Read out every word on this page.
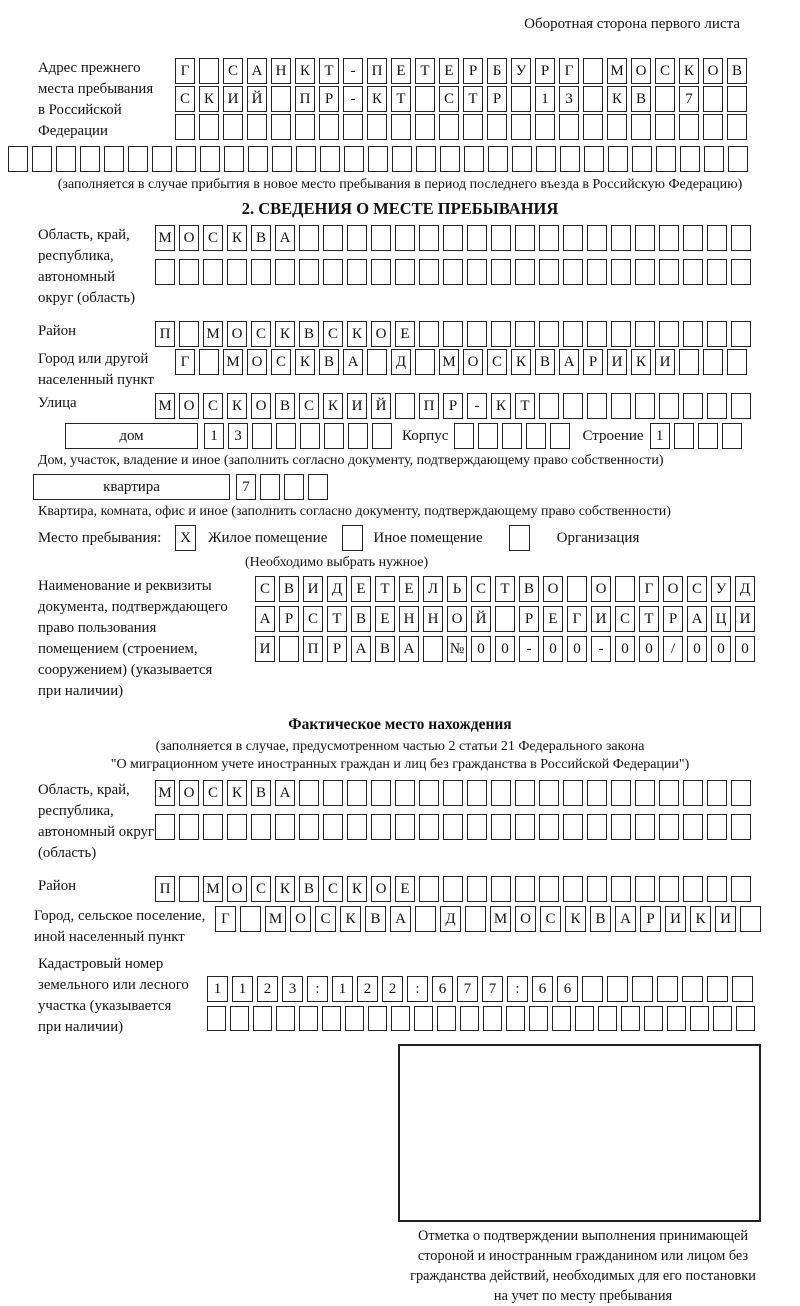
Оборотная сторона первого листа
Адрес прежнего
места пребывания
в Российской
Федерации
Г	С А Н К Т	-	П Е Т Е	Р	Б У Р	Г	М О С К О В
С К И Й	П Р	-	К Т	С Т	Р	1	3	К В	7
(заполняется в случае прибытия в новое место пребывания в период последнего въезда в Российскую Федерацию)
2. СВЕДЕНИЯ О МЕСТЕ ПРЕБЫВАНИЯ
Область, край,
республика,
автономный
округ (область)
М О С К В А
Район	П	М О С К В С К О Е
Город или другой
населенный пункт
Г	М О С К В А	Д	М О С К В А Р И К И
Улица	М О С К О В С К И Й	П Р	-	К Т
дом	1	3	Корпус	Строение 1
Дом, участок, владение и иное (заполнить согласно документу, подтверждающему право собственности)
квартира	7
Квартира, комната, офис и иное (заполнить согласно документу, подтверждающему право собственности)
Место пребывания:	X	Жилое помещение	Иное помещение	Организация
(Необходимо выбрать нужное)
Наименование и реквизиты
документа, подтверждающего
право пользования
помещением (строением,
сооружением) (указывается
при наличии)
С В И Д Е Т Е Л Ь С Т В О	О	Г О С У Д
А Р С Т В Е Н Н О Й	Р	Е	Г И С Т	Р А Ц И
И	П Р А В А	№ 0	0	-	0	0	-	0	0	/	0	0	0
Фактическое место нахождения
(заполняется в случае, предусмотренном частью 2 статьи 21 Федерального закона
"О миграционном учете иностранных граждан и лиц без гражданства в Российской Федерации")
Область, край,
республика,
автономный округ
(область)
М О С К В А
Район	П	М О С К В С К О Е
Город, сельское поселение,
иной населенный пункт
Г	М О С К В А	Д	М О С К В А	Р	И К И
Кадастровый номер
земельного или лесного
участка (указывается
при наличии)
1	1	2	3	:	1	2	2	:	6	7	7	:	6	6
Отметка о подтверждении выполнения принимающей
стороной и иностранным гражданином или лицом без
гражданства действий, необходимых для его постановки
на учет по месту пребывания
